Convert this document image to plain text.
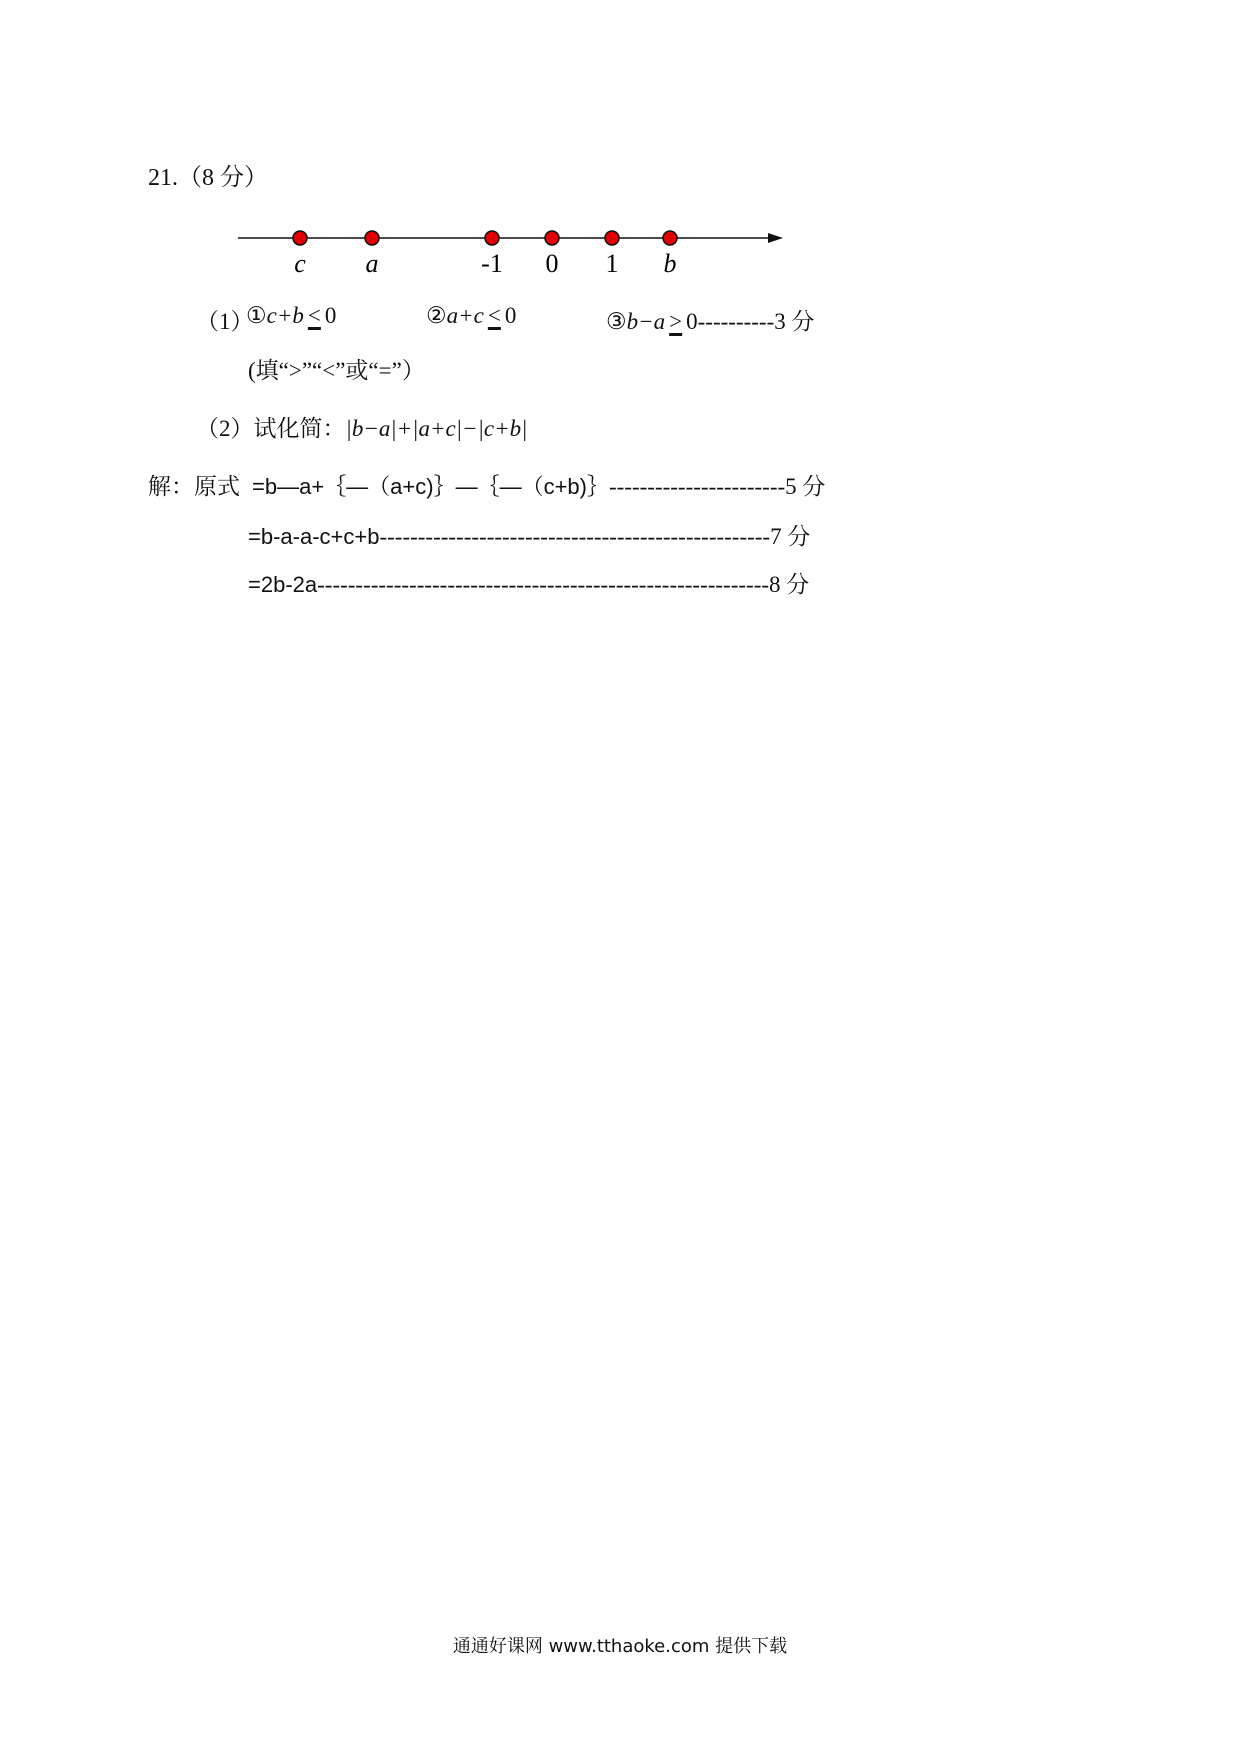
21.（8 分）
c a	-1 0 1 b
（1）
①c+b < 0	②a+c < 0	③b−a > 0----------3 分
(填“>”“<”或“=”）
（2）试化简：|b−a|+|a+c|−|c+b|
解：原式 =b—a+｛—（a+c)｝—｛—（c+b)｝-----------------------5 分
=b-a-a-c+c+b---------------------------------------------------7 分
=2b-2a-----------------------------------------------------------8 分
通通好课网 www.tthaoke.com 提供下载
